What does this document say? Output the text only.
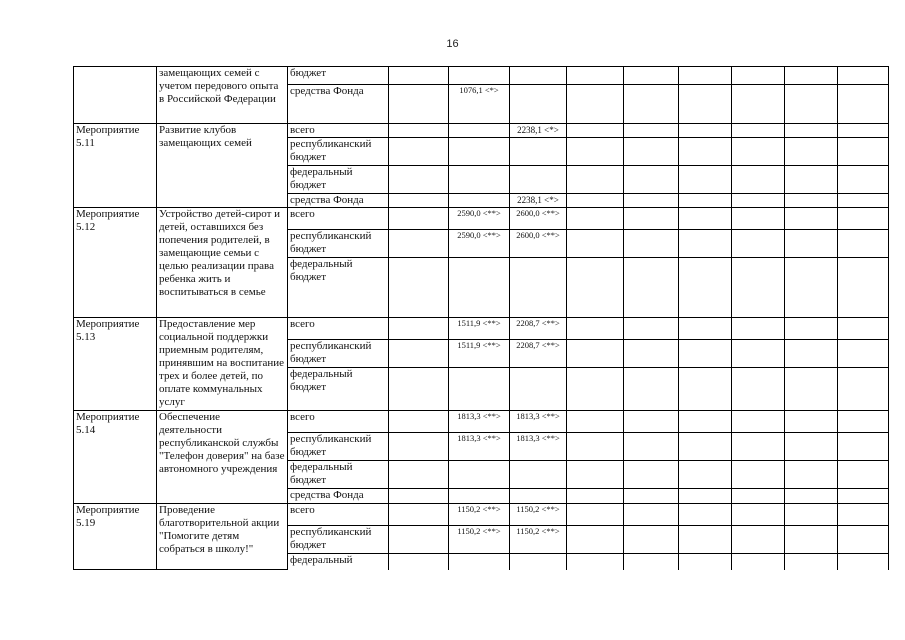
16
	замещающих семей с учетом передового опыта в Российской Федерации	бюджет									
		средства Фонда		1076,1 <*>							
Мероприятие 5.11	Развитие клубов замещающих семей	всего			2238,1 <*>						
		республиканский бюджет									
		федеральный бюджет									
		средства Фонда			2238,1 <*>						
Мероприятие 5.12	Устройство детей-сирот и детей, оставшихся без попечения родителей, в замещающие семьи с целью реализации права ребенка жить и воспитываться в семье	всего		2590,0 <**>	2600,0 <**>						
		республиканский бюджет		2590,0 <**>	2600,0 <**>						
		федеральный бюджет									
Мероприятие 5.13	Предоставление мер социальной поддержки приемным родителям, принявшим на воспитание трех и более детей, по оплате коммунальных услуг	всего		1511,9 <**>	2208,7 <**>						
		республиканский бюджет		1511,9 <**>	2208,7 <**>						
		федеральный бюджет									
Мероприятие 5.14	Обеспечение деятельности республиканской службы "Телефон доверия" на базе автономного учреждения	всего		1813,3 <**>	1813,3 <**>						
		республиканский бюджет		1813,3 <**>	1813,3 <**>						
		федеральный бюджет									
		средства Фонда									
Мероприятие 5.19	Проведение благотворительной акции "Помогите детям собраться в школу!"	всего		1150,2 <**>	1150,2 <**>						
		республиканский бюджет		1150,2 <**>	1150,2 <**>						
		федеральный									
